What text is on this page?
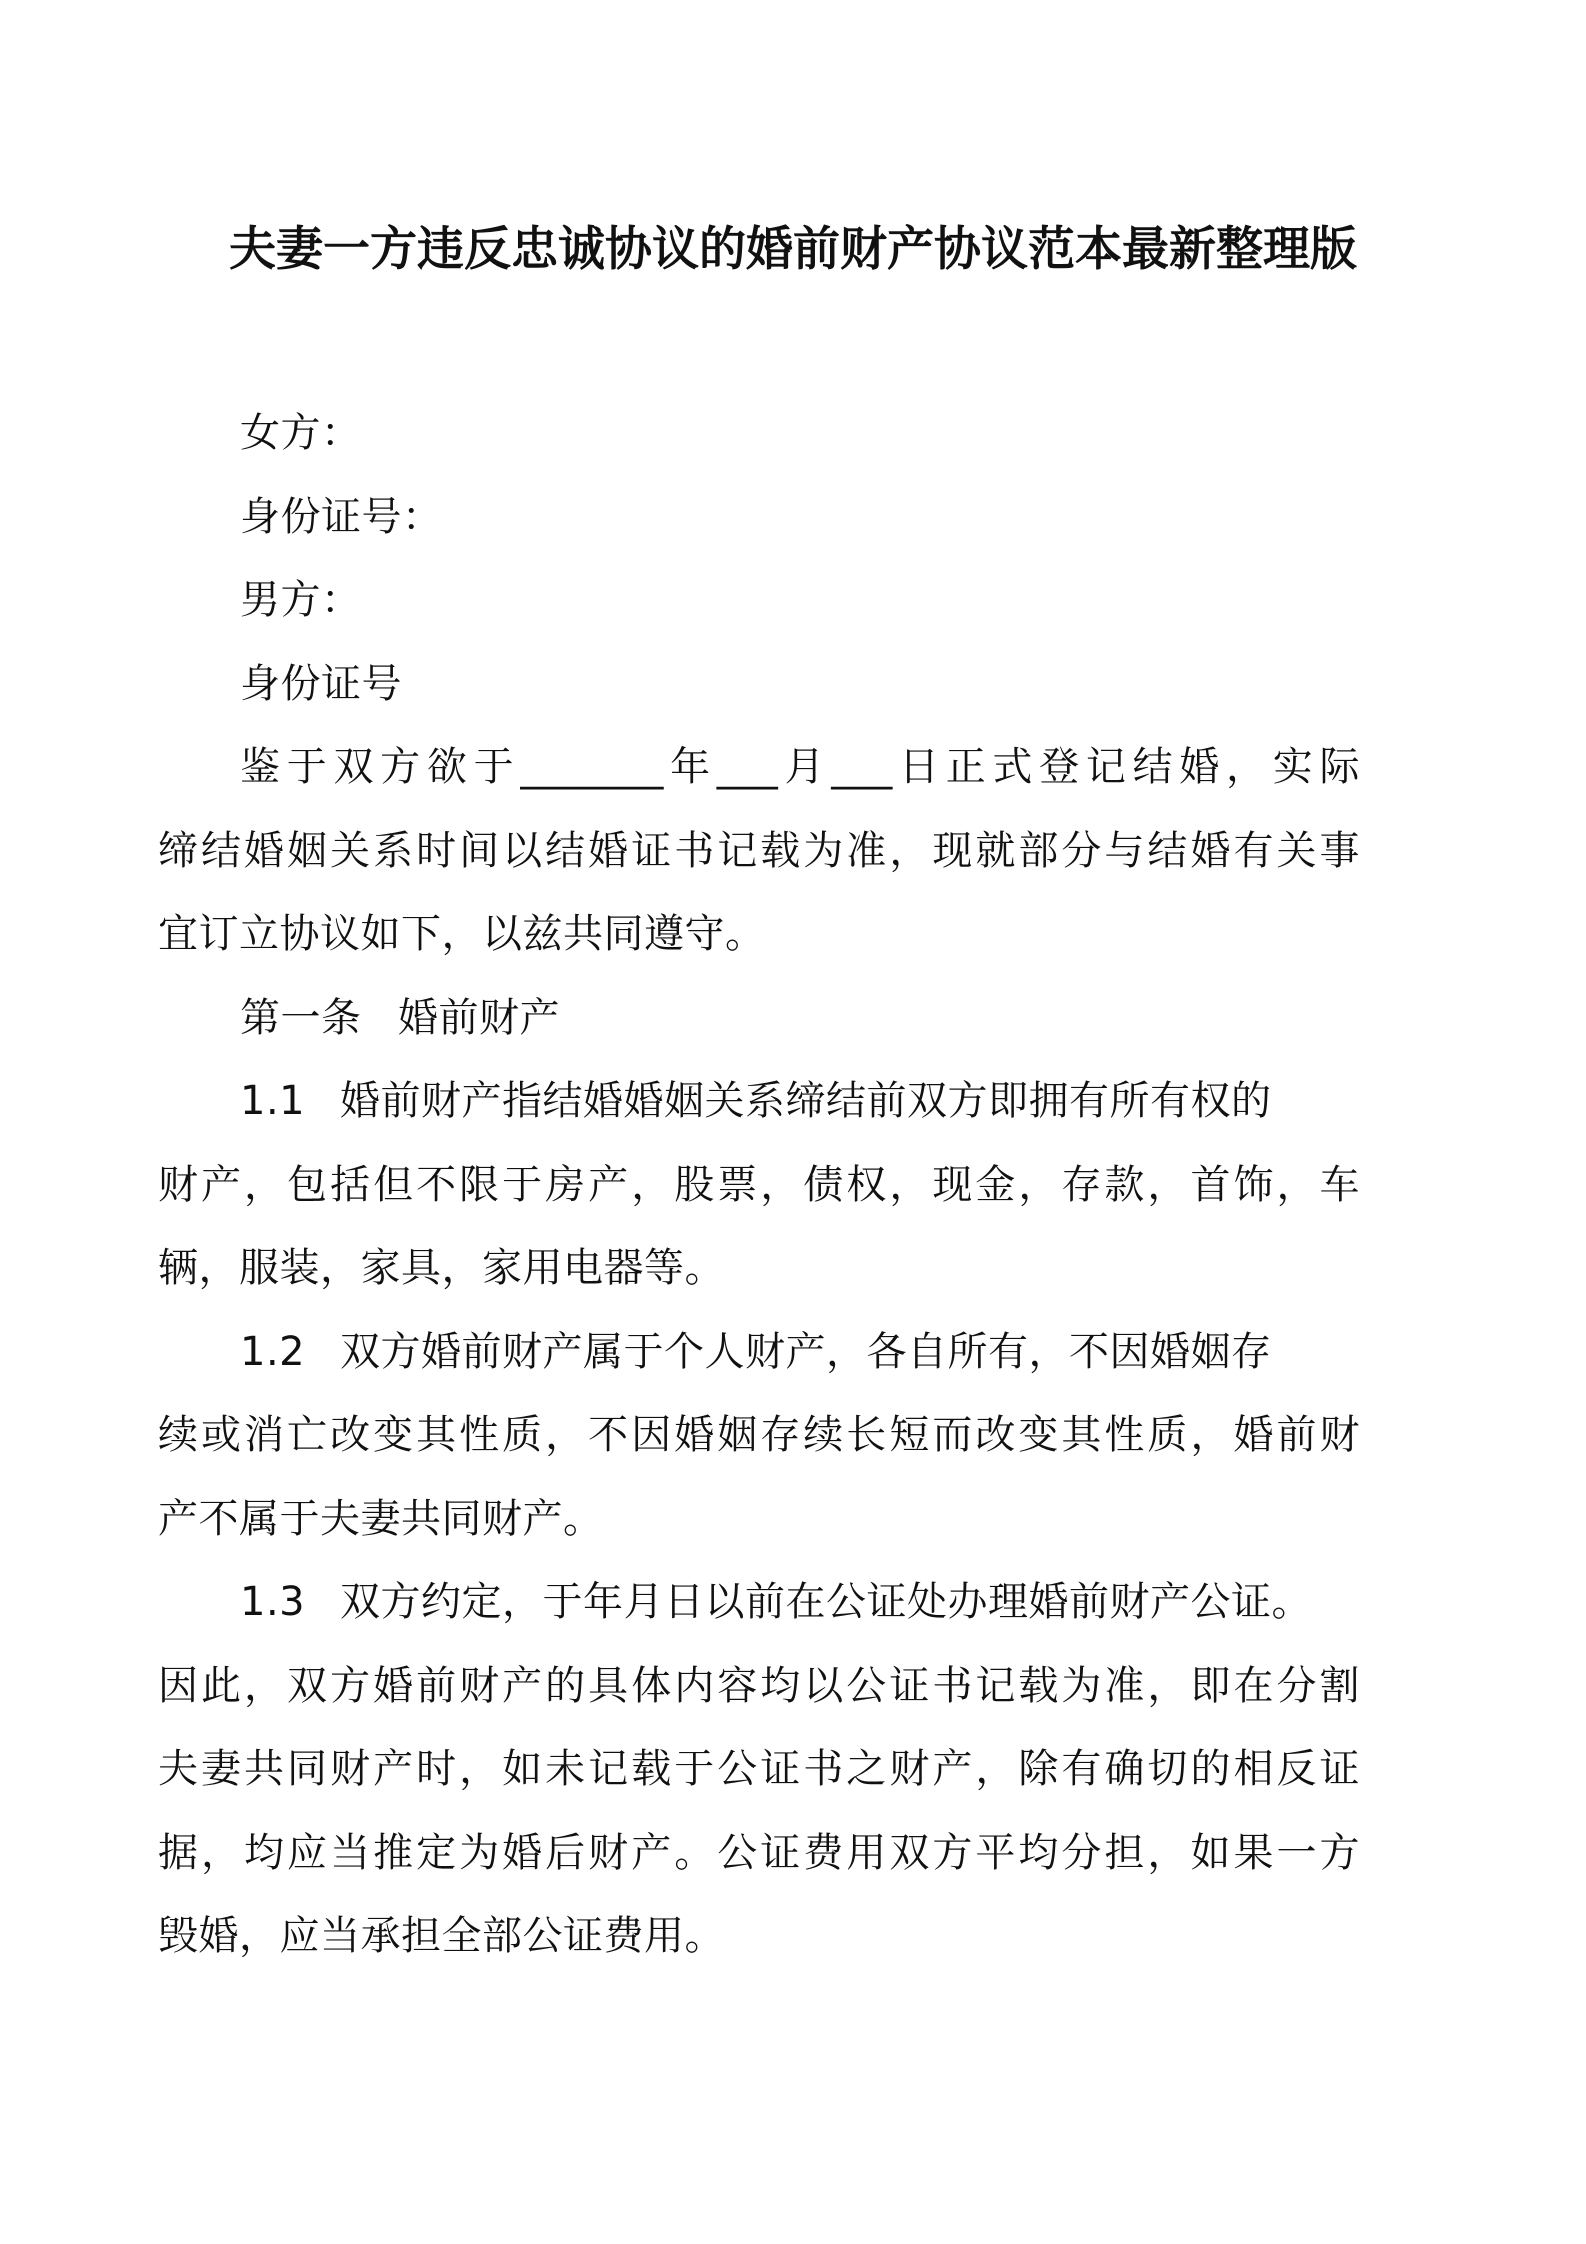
夫妻一方违反忠诚协议的婚前财产协议范本最新整理版
女方：
身份证号：
男方：
身份证号
鉴于双方欲于_______年___月___日正式登记结婚，实际
缔结婚姻关系时间以结婚证书记载为准，现就部分与结婚有关事
宜订立协议如下，以兹共同遵守。
第一条 婚前财产
1.1 婚前财产指结婚婚姻关系缔结前双方即拥有所有权的
财产，包括但不限于房产，股票，债权，现金，存款，首饰，车
辆，服装，家具，家用电器等。
1.2 双方婚前财产属于个人财产，各自所有，不因婚姻存
续或消亡改变其性质，不因婚姻存续长短而改变其性质，婚前财
产不属于夫妻共同财产。
1.3 双方约定，于年月日以前在公证处办理婚前财产公证。
因此，双方婚前财产的具体内容均以公证书记载为准，即在分割
夫妻共同财产时，如未记载于公证书之财产，除有确切的相反证
据，均应当推定为婚后财产。公证费用双方平均分担，如果一方
毁婚，应当承担全部公证费用。
